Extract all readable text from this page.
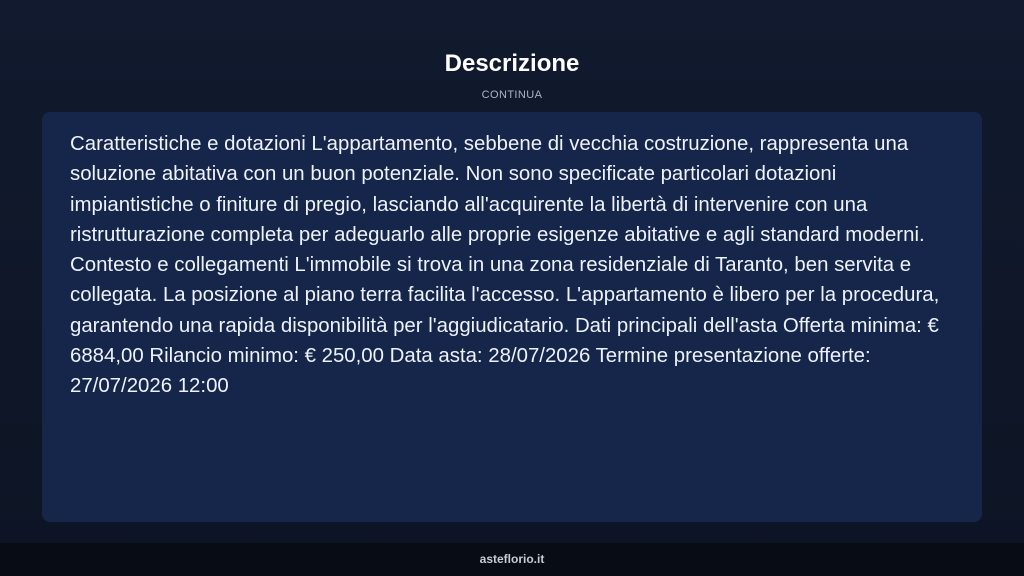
Descrizione
CONTINUA

Caratteristiche e dotazioni L'appartamento, sebbene di vecchia costruzione, rappresenta una soluzione abitativa con un buon potenziale. Non sono specificate particolari dotazioni impiantistiche o finiture di pregio, lasciando all'acquirente la libertà di intervenire con una ristrutturazione completa per adeguarlo alle proprie esigenze abitative e agli standard moderni. Contesto e collegamenti L'immobile si trova in una zona residenziale di Taranto, ben servita e collegata. La posizione al piano terra facilita l'accesso. L'appartamento è libero per la procedura, garantendo una rapida disponibilità per l'aggiudicatario. Dati principali dell'asta Offerta minima: € 6884,00 Rilancio minimo: € 250,00 Data asta: 28/07/2026 Termine presentazione offerte: 27/07/2026 12:00

asteflorio.it
